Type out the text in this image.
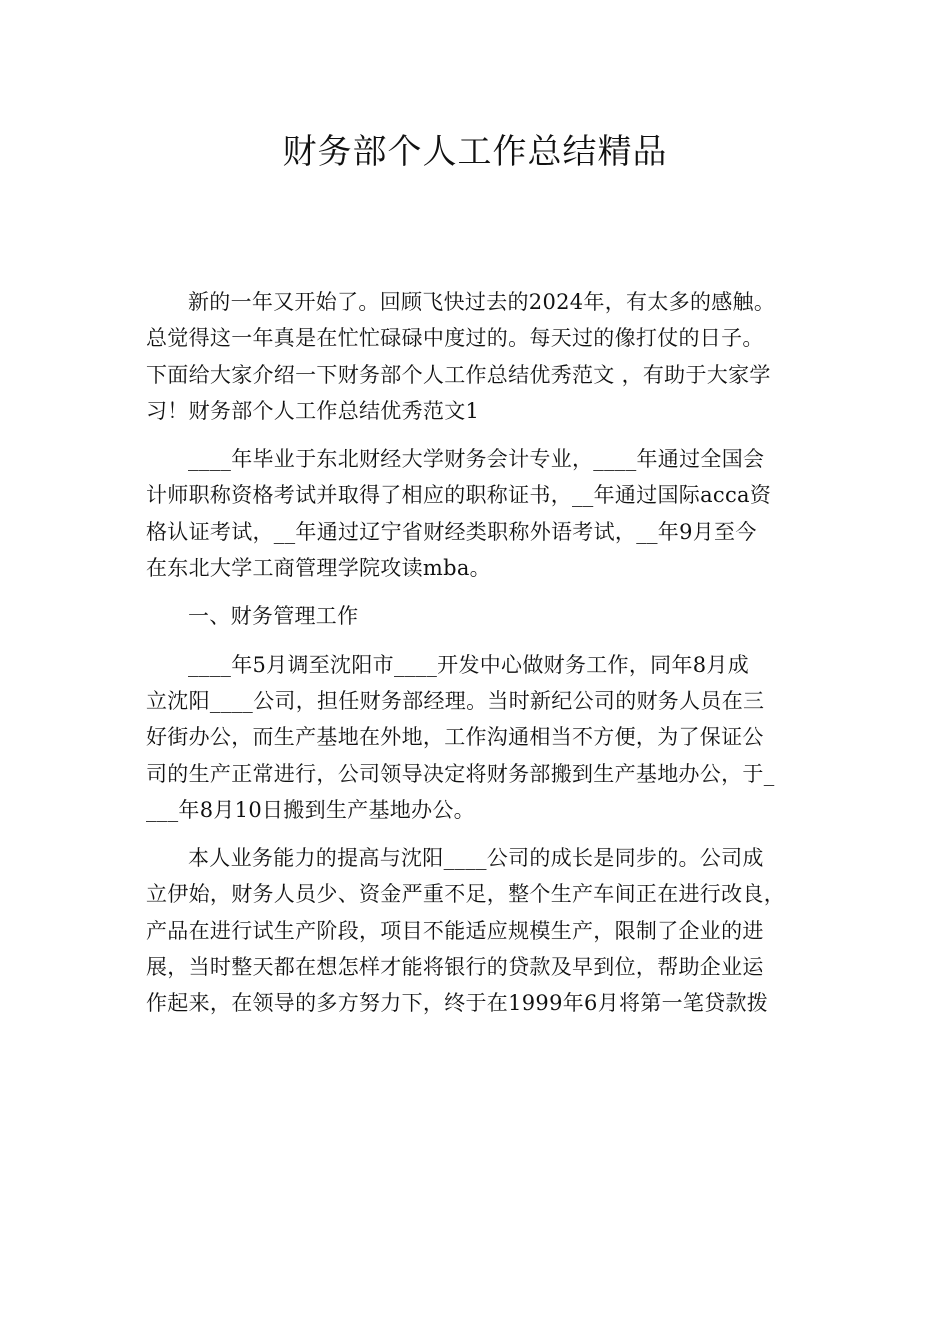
财务部个人工作总结精品
新的一年又开始了。回顾飞快过去的2024年，有太多的感触。
总觉得这一年真是在忙忙碌碌中度过的。每天过的像打仗的日子。
下面给大家介绍一下财务部个人工作总结优秀范文 ，有助于大家学
习！财务部个人工作总结优秀范文1
____年毕业于东北财经大学财务会计专业，____年通过全国会
计师职称资格考试并取得了相应的职称证书，__年通过国际acca资
格认证考试，__年通过辽宁省财经类职称外语考试，__年9月至今
在东北大学工商管理学院攻读mba。
一、财务管理工作
____年5月调至沈阳市____开发中心做财务工作，同年8月成
立沈阳____公司，担任财务部经理。当时新纪公司的财务人员在三
好街办公，而生产基地在外地，工作沟通相当不方便，为了保证公
司的生产正常进行，公司领导决定将财务部搬到生产基地办公，于_
___年8月10日搬到生产基地办公。
本人业务能力的提高与沈阳____公司的成长是同步的。公司成
立伊始，财务人员少、资金严重不足，整个生产车间正在进行改良，
产品在进行试生产阶段，项目不能适应规模生产，限制了企业的进
展，当时整天都在想怎样才能将银行的贷款及早到位，帮助企业运
作起来，在领导的多方努力下，终于在1999年6月将第一笔贷款拨
